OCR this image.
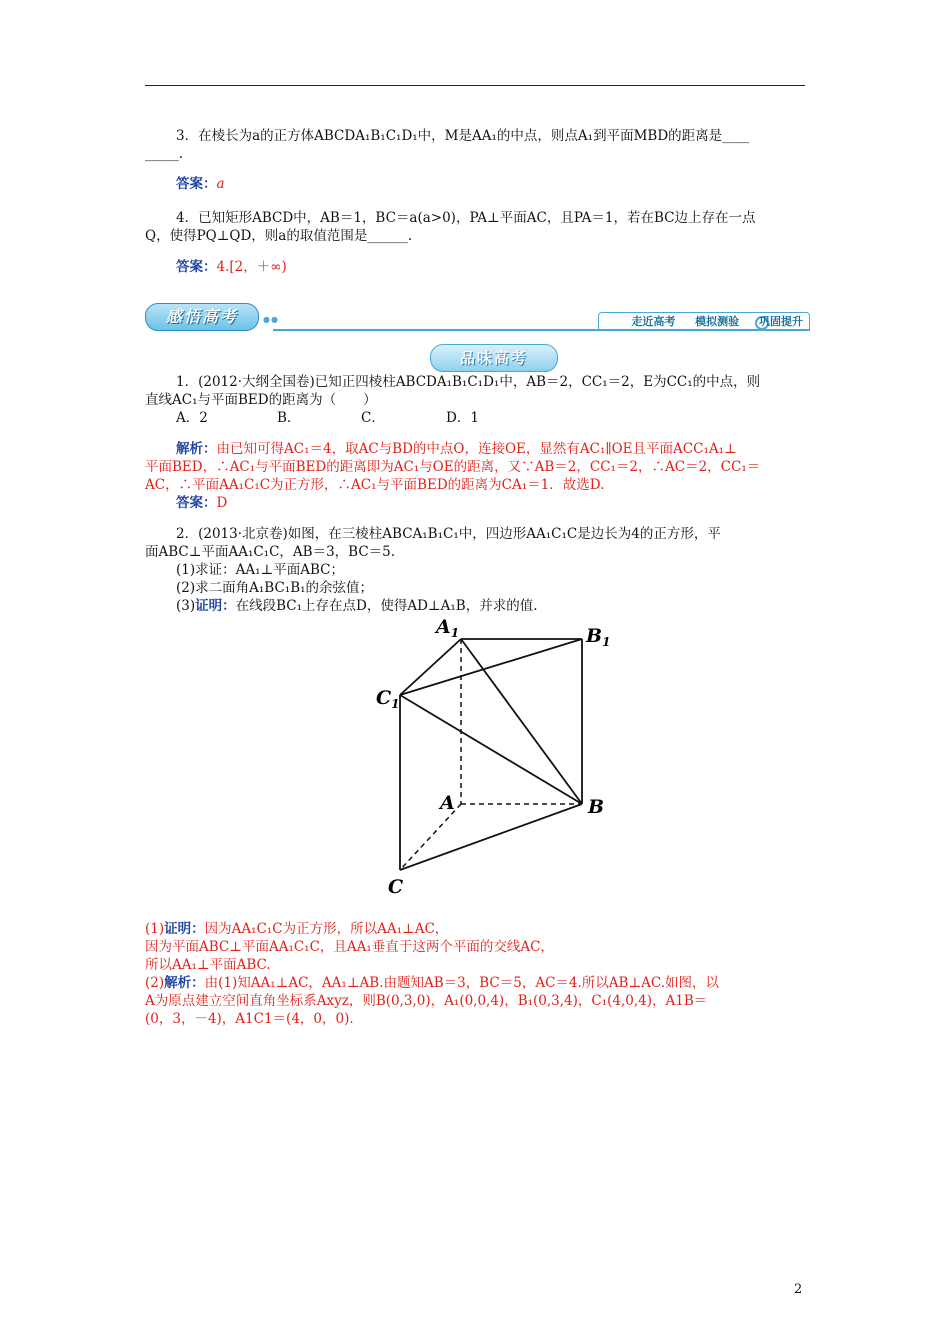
3．在棱长为a的正方体ABCDA₁B₁C₁D₁中，M是AA₁的中点，则点A₁到平面MBD的距离是____
_____.
答案：a
4．已知矩形ABCD中，AB＝1，BC＝a(a>0)，PA⊥平面AC，且PA＝1，若在BC边上存在一点
Q，使得PQ⊥QD，则a的取值范围是______.
答案：4.[2，＋∞)
感悟高考	●●	走近高考 模拟测验 巩固提升
品味高考
1．(2012·大纲全国卷)已知正四棱柱ABCDA₁B₁C₁D₁中，AB＝2，CC₁＝2，E为CC₁的中点，则
直线AC₁与平面BED的距离为（　　）
A．2	B．	C．	D．1
解析：由已知可得AC₁＝4，取AC与BD的中点O，连接OE，显然有AC₁∥OE且平面ACC₁A₁⊥
平面BED，∴AC₁与平面BED的距离即为AC₁与OE的距离，又∵AB＝2，CC₁＝2，∴AC＝2，CC₁＝
AC，∴平面AA₁C₁C为正方形，∴AC₁与平面BED的距离为CA₁＝1．故选D.
答案：D
2．(2013·北京卷)如图，在三棱柱ABCA₁B₁C₁中，四边形AA₁C₁C是边长为4的正方形，平
面ABC⊥平面AA₁C₁C，AB＝3，BC＝5.
(1)求证：AA₁⊥平面ABC；
(2)求二面角A₁BC₁B₁的余弦值；
(3)证明：在线段BC₁上存在点D，使得AD⊥A₁B，并求的值.
$A_1$	$B_1$
$C_1$
A	B
C
(1)证明：因为AA₁C₁C为正方形，所以AA₁⊥AC，
因为平面ABC⊥平面AA₁C₁C，且AA₁垂直于这两个平面的交线AC，
所以AA₁⊥平面ABC.
(2)解析：由(1)知AA₁⊥AC，AA₁⊥AB.由题知AB＝3，BC＝5，AC＝4.所以AB⊥AC.如图，以
A为原点建立空间直角坐标系Axyz，则B(0,3,0)，A₁(0,0,4)，B₁(0,3,4)，C₁(4,0,4)，A1B＝
(0，3，－4)，A1C1＝(4，0，0)．
2
